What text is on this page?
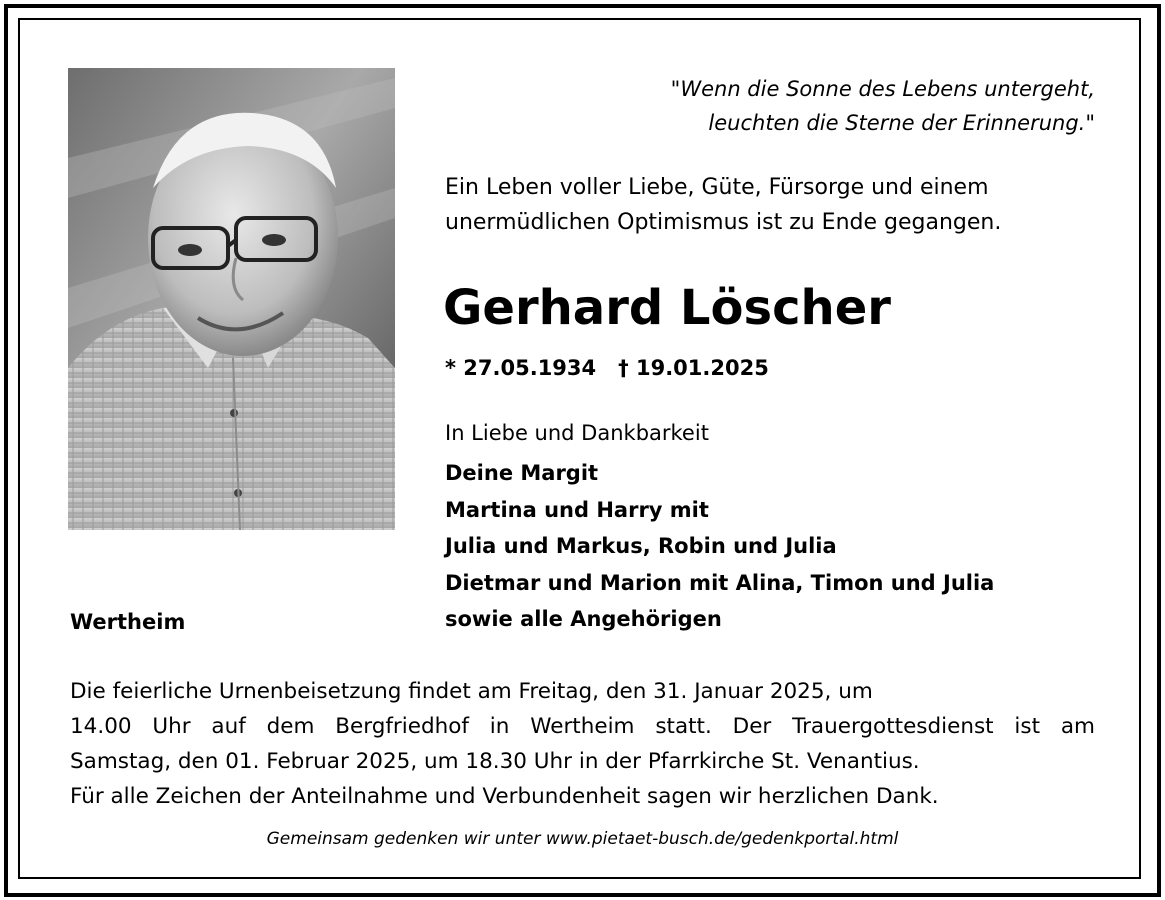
"Wenn die Sonne des Lebens untergeht,
leuchten die Sterne der Erinnerung."
Ein Leben voller Liebe, Güte, Fürsorge und einem
unermüdlichen Optimismus ist zu Ende gegangen.
Gerhard Löscher
* 27.05.1934 † 19.01.2025
In Liebe und Dankbarkeit
Deine Margit
Martina und Harry mit
Julia und Markus, Robin und Julia
Dietmar und Marion mit Alina, Timon und Julia
sowie alle Angehörigen
Wertheim

Die feierliche Urnenbeisetzung findet am Freitag, den 31. Januar 2025, um
14.00 Uhr auf dem Bergfriedhof in Wertheim statt. Der Trauergottesdienst ist am
Samstag, den 01. Februar 2025, um 18.30 Uhr in der Pfarrkirche St. Venantius.
Für alle Zeichen der Anteilnahme und Verbundenheit sagen wir herzlichen Dank.

Gemeinsam gedenken wir unter www.pietaet-busch.de/gedenkportal.html
